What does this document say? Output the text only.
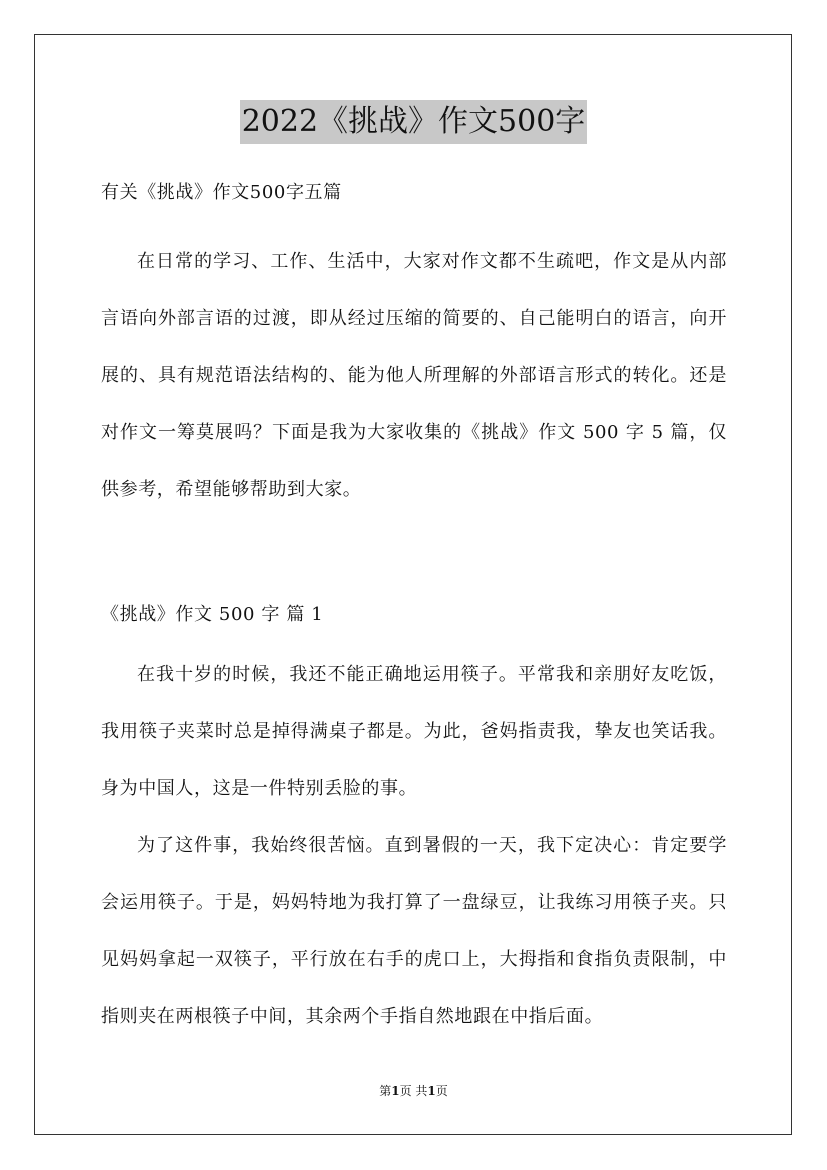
2022《挑战》作文500字

有关《挑战》作文500字五篇

在日常的学习、工作、生活中，大家对作文都不生疏吧，作文是从内部言语向外部言语的过渡，即从经过压缩的简要的、自己能明白的语言，向开展的、具有规范语法结构的、能为他人所理解的外部语言形式的转化。还是对作文一筹莫展吗？下面是我为大家收集的《挑战》作文 500 字 5 篇，仅供参考，希望能够帮助到大家。

《挑战》作文 500 字 篇 1

在我十岁的时候，我还不能正确地运用筷子。平常我和亲朋好友吃饭，我用筷子夹菜时总是掉得满桌子都是。为此，爸妈指责我，挚友也笑话我。身为中国人，这是一件特别丢脸的事。

为了这件事，我始终很苦恼。直到暑假的一天，我下定决心：肯定要学会运用筷子。于是，妈妈特地为我打算了一盘绿豆，让我练习用筷子夹。只见妈妈拿起一双筷子，平行放在右手的虎口上，大拇指和食指负责限制，中指则夹在两根筷子中间，其余两个手指自然地跟在中指后面。

第1页 共1页
